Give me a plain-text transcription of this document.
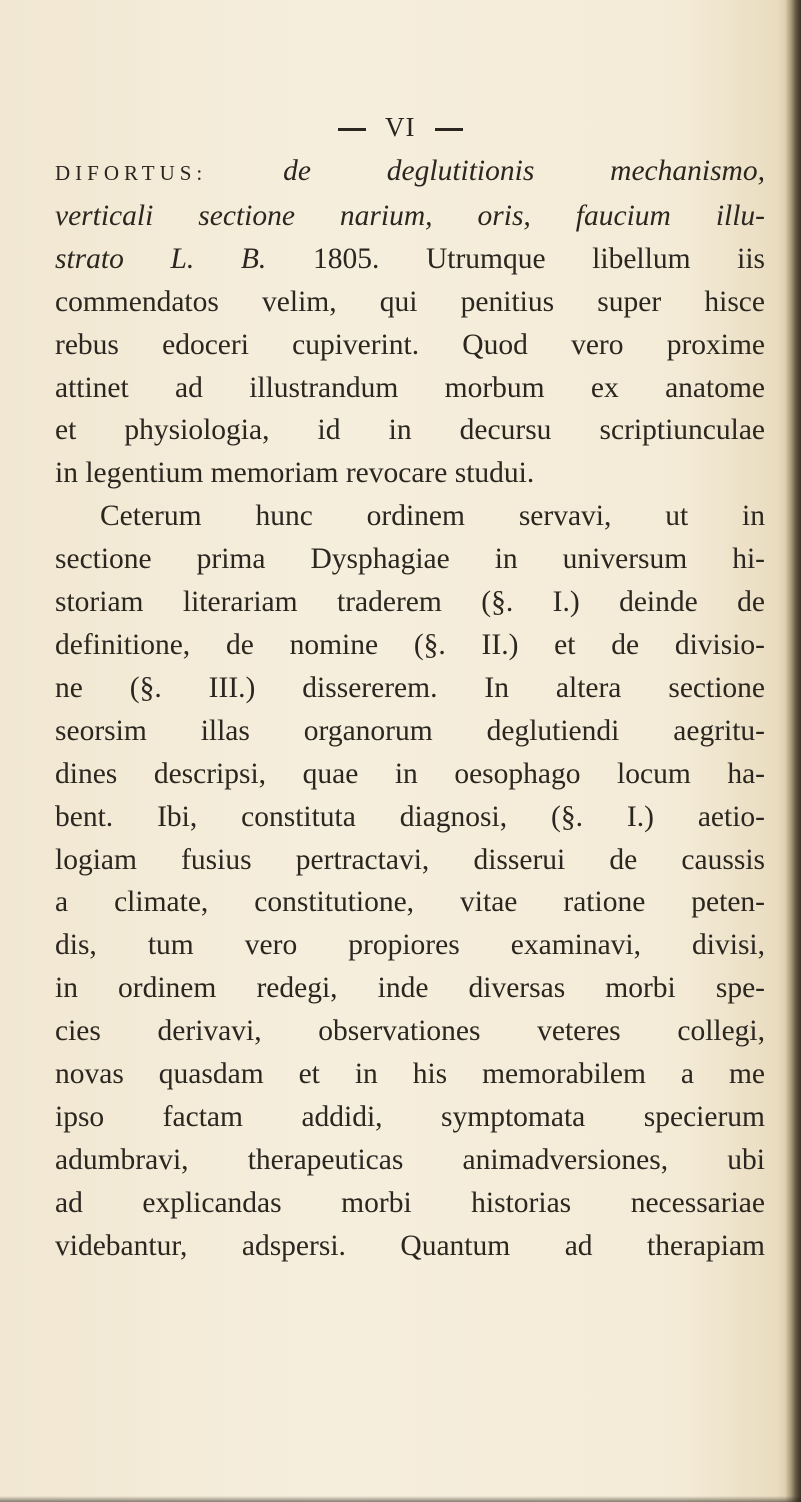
VI
DIFORTUS:	de deglutitionis mechanismo,
verticali sectione narium, oris, faucium illu-
strato L. B. 1805. Utrumque libellum iis
commendatos velim, qui penitius super hisce
rebus edoceri cupiverint. Quod vero proxime
attinet ad illustrandum morbum ex anatome
et physiologia, id in decursu scriptiunculae
in legentium memoriam revocare studui.
Ceterum hunc ordinem servavi, ut in
sectione prima Dysphagiae in universum hi-
storiam literariam traderem (§. I.) deinde de
definitione, de nomine (§. II.) et de divisio-
ne (§. III.) dissererem. In altera sectione
seorsim illas organorum deglutiendi aegritu-
dines descripsi, quae in oesophago locum ha-
bent. Ibi, constituta diagnosi, (§. I.) aetio-
logiam fusius pertractavi, disserui de caussis
a climate, constitutione, vitae ratione peten-
dis, tum vero propiores examinavi, divisi,
in ordinem redegi, inde diversas morbi spe-
cies derivavi, observationes veteres collegi,
novas quasdam et in his memorabilem a me
ipso factam addidi, symptomata specierum
adumbravi, therapeuticas animadversiones, ubi
ad explicandas morbi historias necessariae
videbantur, adspersi. Quantum ad therapiam
